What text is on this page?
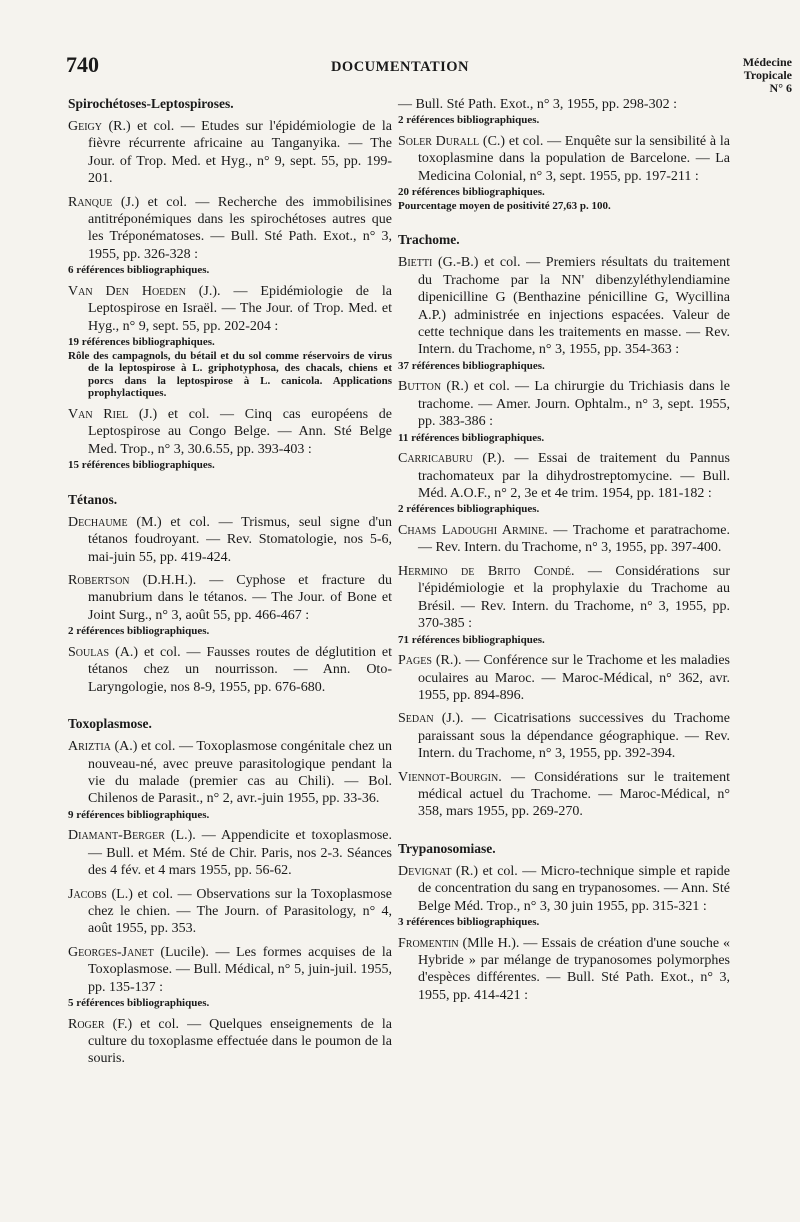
740	DOCUMENTATION	Médecine
Tropicale
N° 6
Spirochétoses-Leptospiroses.
Geigy (R.) et col. — Etudes sur l'épidémiologie de la fièvre récurrente africaine au Tanganyika. — The Jour. of Trop. Med. et Hyg., n° 9, sept. 55, pp. 199-201.
Ranque (J.) et col. — Recherche des immobilisines antitréponémiques dans les spirochétoses autres que les Tréponématoses. — Bull. Sté Path. Exot., n° 3, 1955, pp. 326-328 :
6 références bibliographiques.
Van Den Hoeden (J.). — Epidémiologie de la Leptospirose en Israël. — The Jour. of Trop. Med. et Hyg., n° 9, sept. 55, pp. 202-204 :
19 références bibliographiques.
Rôle des campagnols, du bétail et du sol comme réservoirs de virus de la leptospirose à L. griphotyphosa, des chacals, chiens et porcs dans la leptospirose à L. canicola. Applications prophylactiques.
Van Riel (J.) et col. — Cinq cas européens de Leptospirose au Congo Belge. — Ann. Sté Belge Med. Trop., n° 3, 30.6.55, pp. 393-403 :
15 références bibliographiques.
Tétanos.
Dechaume (M.) et col. — Trismus, seul signe d'un tétanos foudroyant. — Rev. Stomatologie, nos 5-6, mai-juin 55, pp. 419-424.
Robertson (D.H.H.). — Cyphose et fracture du manubrium dans le tétanos. — The Jour. of Bone et Joint Surg., n° 3, août 55, pp. 466-467 :
2 références bibliographiques.
Soulas (A.) et col. — Fausses routes de déglutition et tétanos chez un nourrisson. — Ann. Oto-Laryngologie, nos 8-9, 1955, pp. 676-680.
Toxoplasmose.
Ariztia (A.) et col. — Toxoplasmose congénitale chez un nouveau-né, avec preuve parasitologique pendant la vie du malade (premier cas au Chili). — Bol. Chilenos de Parasit., n° 2, avr.-juin 1955, pp. 33-36.
9 références bibliographiques.
Diamant-Berger (L.). — Appendicite et toxoplasmose. — Bull. et Mém. Sté de Chir. Paris, nos 2-3. Séances des 4 fév. et 4 mars 1955, pp. 56-62.
Jacobs (L.) et col. — Observations sur la Toxoplasmose chez le chien. — The Journ. of Parasitology, n° 4, août 1955, pp. 353.
Georges-Janet (Lucile). — Les formes acquises de la Toxoplasmose. — Bull. Médical, n° 5, juin-juil. 1955, pp. 135-137 :
5 références bibliographiques.
Roger (F.) et col. — Quelques enseignements de la culture du toxoplasme effectuée dans le poumon de la souris.
— Bull. Sté Path. Exot., n° 3, 1955, pp. 298-302 :
2 références bibliographiques.
Soler Durall (C.) et col. — Enquête sur la sensibilité à la toxoplasmine dans la population de Barcelone. — La Medicina Colonial, n° 3, sept. 1955, pp. 197-211 :
20 références bibliographiques.
Pourcentage moyen de positivité 27,63 p. 100.
Trachome.
Bietti (G.-B.) et col. — Premiers résultats du traitement du Trachome par la NN' dibenzyléthylendiamine dipenicilline G (Benthazine pénicilline G, Wycillina A.P.) administrée en injections espacées. Valeur de cette technique dans les traitements en masse. — Rev. Intern. du Trachome, n° 3, 1955, pp. 354-363 :
37 références bibliographiques.
Button (R.) et col. — La chirurgie du Trichiasis dans le trachome. — Amer. Journ. Ophtalm., n° 3, sept. 1955, pp. 383-386 :
11 références bibliographiques.
Carricaburu (P.). — Essai de traitement du Pannus trachomateux par la dihydrostreptomycine. — Bull. Méd. A.O.F., n° 2, 3e et 4e trim. 1954, pp. 181-182 :
2 références bibliographiques.
Chams Ladoughi Armine. — Trachome et paratrachome. — Rev. Intern. du Trachome, n° 3, 1955, pp. 397-400.
Hermino de Brito Condé. — Considérations sur l'épidémiologie et la prophylaxie du Trachome au Brésil. — Rev. Intern. du Trachome, n° 3, 1955, pp. 370-385 :
71 références bibliographiques.
Pages (R.). — Conférence sur le Trachome et les maladies oculaires au Maroc. — Maroc-Médical, n° 362, avr. 1955, pp. 894-896.
Sedan (J.). — Cicatrisations successives du Trachome paraissant sous la dépendance géographique. — Rev. Intern. du Trachome, n° 3, 1955, pp. 392-394.
Viennot-Bourgin. — Considérations sur le traitement médical actuel du Trachome. — Maroc-Médical, n° 358, mars 1955, pp. 269-270.
Trypanosomiase.
Devignat (R.) et col. — Micro-technique simple et rapide de concentration du sang en trypanosomes. — Ann. Sté Belge Méd. Trop., n° 3, 30 juin 1955, pp. 315-321 :
3 références bibliographiques.
Fromentin (Mlle H.). — Essais de création d'une souche « Hybride » par mélange de trypanosomes polymorphes d'espèces différentes. — Bull. Sté Path. Exot., n° 3, 1955, pp. 414-421 :
